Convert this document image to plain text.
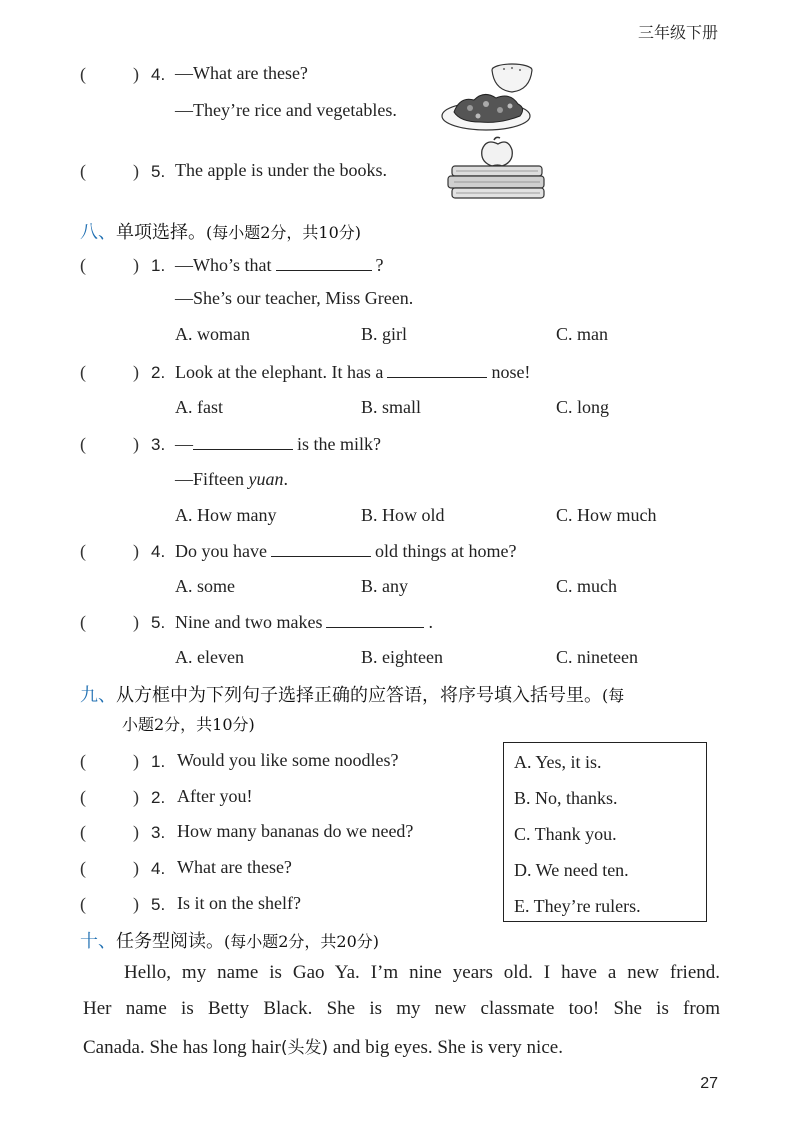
三年级下册
(	) 4. —What are these?
—They’re rice and vegetables.
(	) 5. The apple is under the books.
八、单项选择。(每小题2分，共10分)
(	) 1. —Who’s that	?
—She’s our teacher, Miss Green.
A. woman	B. girl	C. man
(	) 2. Look at the elephant. It has a	nose!
A. fast	B. small	C. long
(	) 3. —	is the milk?
—Fifteen yuan.
A. How many	B. How old	C. How much
(	) 4. Do you have	old things at home?
A. some	B. any	C. much
(	) 5. Nine and two makes	.
A. eleven	B. eighteen	C. nineteen
九、从方框中为下列句子选择正确的应答语，将序号填入括号里。(每
小题2分，共10分)
(	) 1. Would you like some noodles?
(	) 2. After you!
(	) 3. How many bananas do we need?
(	) 4. What are these?
(	) 5. Is it on the shelf?
A. Yes, it is.
B. No, thanks.
C. Thank you.
D. We need ten.
E. They’re rulers.
十、任务型阅读。(每小题2分，共20分)
Hello, my name is Gao Ya. I’m nine years old. I have a new friend.
Her name is Betty Black. She is my new classmate too! She is from
Canada. She has long hair(头发) and big eyes. She is very nice.
27
